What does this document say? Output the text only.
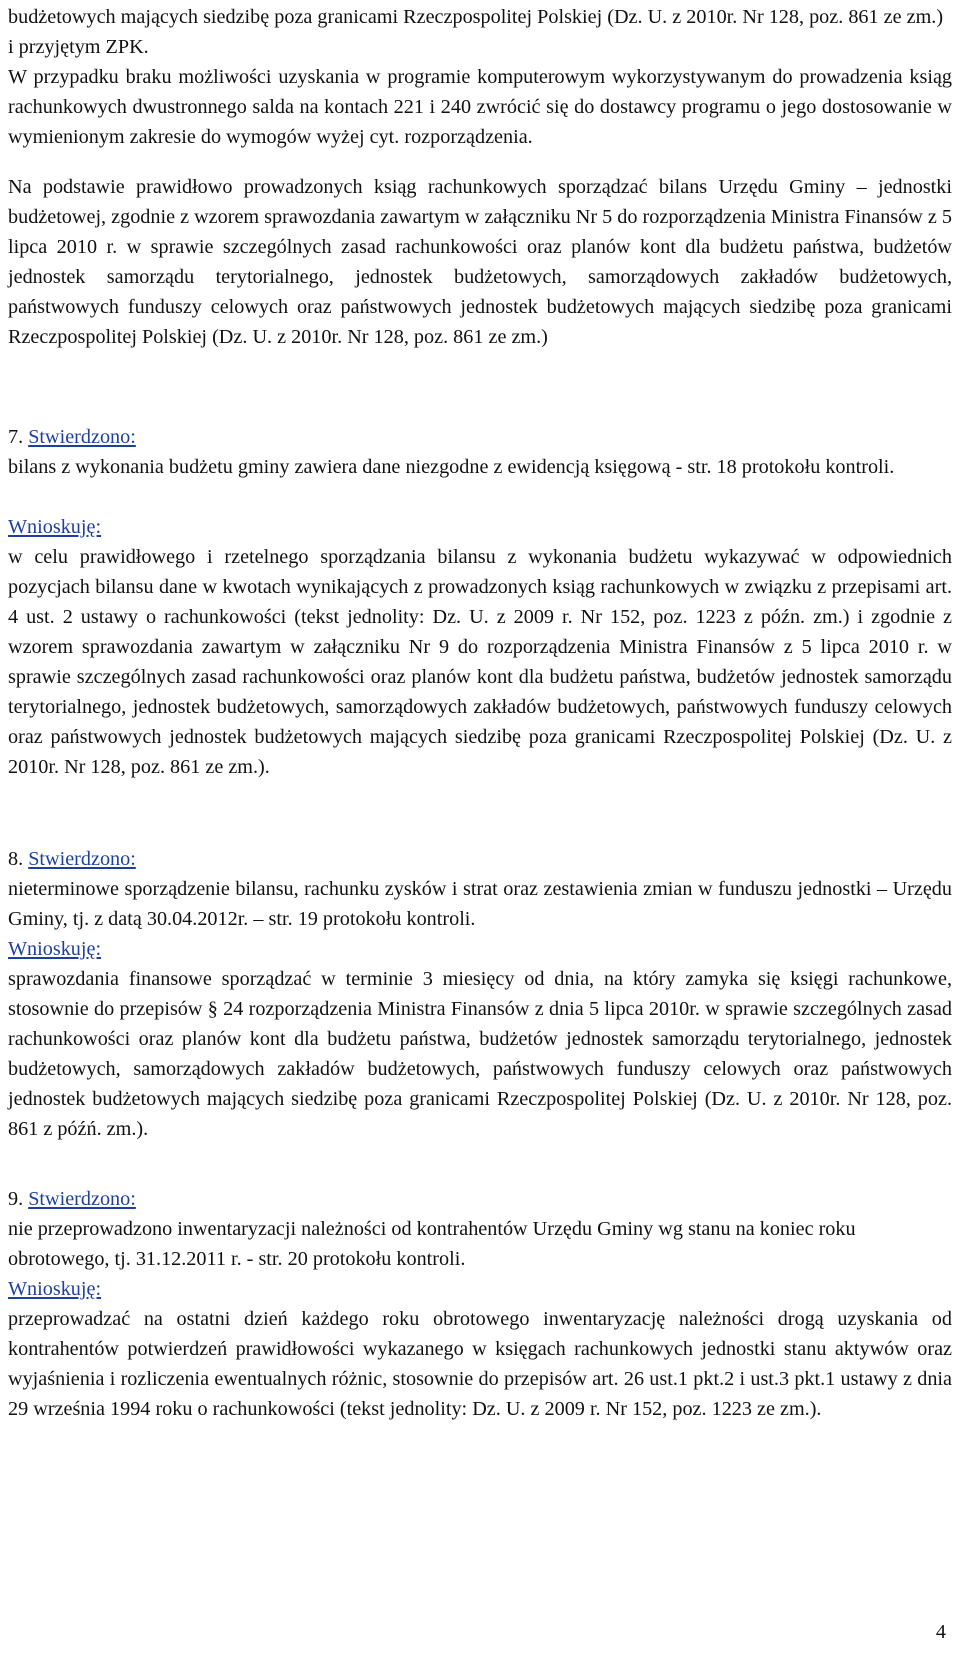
budżetowych mających siedzibę poza granicami Rzeczpospolitej Polskiej (Dz. U. z 2010r. Nr 128, poz. 861 ze zm.) i przyjętym ZPK.

W przypadku braku możliwości uzyskania w programie komputerowym wykorzystywanym do prowadzenia ksiąg rachunkowych dwustronnego salda na kontach 221 i 240 zwrócić się do dostawcy programu o jego dostosowanie w wymienionym zakresie do wymogów wyżej cyt. rozporządzenia.

Na podstawie prawidłowo prowadzonych ksiąg rachunkowych sporządzać bilans Urzędu Gminy – jednostki budżetowej, zgodnie z wzorem sprawozdania zawartym w załączniku Nr 5 do rozporządzenia Ministra Finansów z 5 lipca 2010 r. w sprawie szczególnych zasad rachunkowości oraz planów kont dla budżetu państwa, budżetów jednostek samorządu terytorialnego, jednostek budżetowych, samorządowych zakładów budżetowych, państwowych funduszy celowych oraz państwowych jednostek budżetowych mających siedzibę poza granicami Rzeczpospolitej Polskiej (Dz. U. z 2010r. Nr 128, poz. 861 ze zm.)

7. Stwierdzono:

bilans z wykonania budżetu gminy zawiera dane niezgodne z ewidencją księgową - str. 18 protokołu kontroli.

Wnioskuję:

w celu prawidłowego i rzetelnego sporządzania bilansu z wykonania budżetu wykazywać w odpowiednich pozycjach bilansu dane w kwotach wynikających z prowadzonych ksiąg rachunkowych w związku z przepisami art. 4 ust. 2 ustawy o rachunkowości (tekst jednolity: Dz. U. z 2009 r. Nr 152, poz. 1223 z późn. zm.) i zgodnie z wzorem sprawozdania zawartym w załączniku Nr 9 do rozporządzenia Ministra Finansów z 5 lipca 2010 r. w sprawie szczególnych zasad rachunkowości oraz planów kont dla budżetu państwa, budżetów jednostek samorządu terytorialnego, jednostek budżetowych, samorządowych zakładów budżetowych, państwowych funduszy celowych oraz państwowych jednostek budżetowych mających siedzibę poza granicami Rzeczpospolitej Polskiej (Dz. U. z 2010r. Nr 128, poz. 861 ze zm.).

8. Stwierdzono:

nieterminowe sporządzenie bilansu, rachunku zysków i strat oraz zestawienia zmian w funduszu jednostki – Urzędu Gminy, tj. z datą 30.04.2012r. – str. 19 protokołu kontroli.

Wnioskuję:

sprawozdania finansowe sporządzać w terminie 3 miesięcy od dnia, na który zamyka się księgi rachunkowe, stosownie do przepisów § 24 rozporządzenia Ministra Finansów z dnia 5 lipca 2010r. w sprawie szczególnych zasad rachunkowości oraz planów kont dla budżetu państwa, budżetów jednostek samorządu terytorialnego, jednostek budżetowych, samorządowych zakładów budżetowych, państwowych funduszy celowych oraz państwowych jednostek budżetowych mających siedzibę poza granicami Rzeczpospolitej Polskiej (Dz. U. z 2010r. Nr 128, poz. 861 z późń. zm.).

9. Stwierdzono:

nie przeprowadzono inwentaryzacji należności od kontrahentów Urzędu Gminy wg stanu na koniec roku obrotowego, tj. 31.12.2011 r. - str. 20 protokołu kontroli.

Wnioskuję:

przeprowadzać na ostatni dzień każdego roku obrotowego inwentaryzację należności drogą uzyskania od kontrahentów potwierdzeń prawidłowości wykazanego w księgach rachunkowych jednostki stanu aktywów oraz wyjaśnienia i rozliczenia ewentualnych różnic, stosownie do przepisów art. 26 ust.1 pkt.2 i ust.3 pkt.1 ustawy z dnia 29 września 1994 roku o rachunkowości (tekst jednolity: Dz. U. z 2009 r. Nr 152, poz. 1223 ze zm.).

4
